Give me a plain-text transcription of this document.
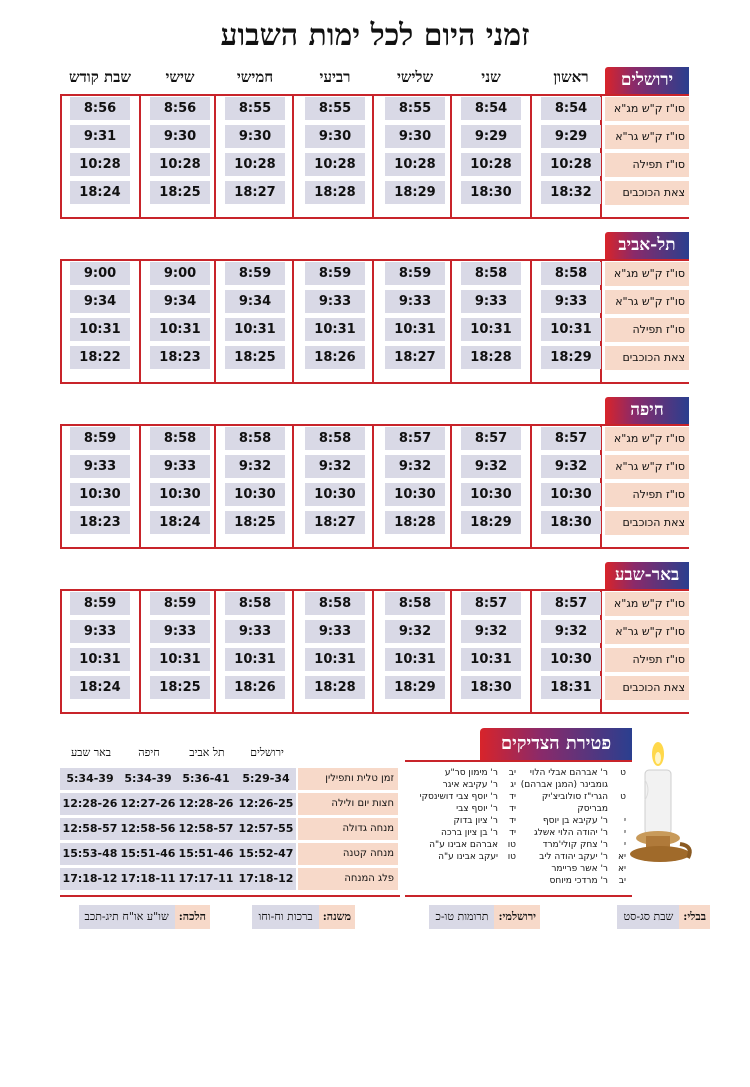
זמני היום לכל ימות השבוע
ראשון
שני
שלישי
רביעי
חמישי
שישי
שבת קודש	ירושלים
סו"ז ק"ש מג"א
8:54
8:54
8:55
8:55
8:55
8:56
8:56
סו"ז ק"ש גר"א
9:29
9:29
9:30
9:30
9:30
9:30
9:31
סו"ז תפילה
10:28
10:28
10:28
10:28
10:28
10:28
10:28
צאת הכוכבים
18:32
18:30
18:29
18:28
18:27
18:25
18:24
תל-אביב
סו"ז ק"ש מג"א
8:58
8:58
8:59
8:59
8:59
9:00
9:00
סו"ז ק"ש גר"א
9:33
9:33
9:33
9:33
9:34
9:34
9:34
סו"ז תפילה
10:31
10:31
10:31
10:31
10:31
10:31
10:31
צאת הכוכבים
18:29
18:28
18:27
18:26
18:25
18:23
18:22
חיפה
סו"ז ק"ש מג"א
8:57
8:57
8:57
8:58
8:58
8:58
8:59
סו"ז ק"ש גר"א
9:32
9:32
9:32
9:32
9:32
9:33
9:33
סו"ז תפילה
10:30
10:30
10:30
10:30
10:30
10:30
10:30
צאת הכוכבים
18:30
18:29
18:28
18:27
18:25
18:24
18:23
באר-שבע
סו"ז ק"ש מג"א
8:57
8:57
8:58
8:58
8:58
8:59
8:59
סו"ז ק"ש גר"א
9:32
9:32
9:32
9:33
9:33
9:33
9:33
סו"ז תפילה
10:30
10:31
10:31
10:31
10:31
10:31
10:31
צאת הכוכבים
18:31
18:30
18:29
18:28
18:26
18:25
18:24
פטירת הצדיקים
ט
ר' אברהם אבלי הלוי
גומבינר (המגן אברהם)
ט
הגרי"ז סולוביצ'יק
מבריסק
י
ר' עקיבא בן יוסף
י
ר' יהודה הלוי אשלג
י
ר' צחק קולי'מרד
יא
ר' יעקב יהודה ליב
יא
ר' אשר פריימר
יב
ר' מרדכי מיוחס
יב
ר' מימון סר"ע
יג
ר' עקיבא איגר
יד
ר' יוסף צבי דושינסקי
יד
ר' יוסף צבי
יד
ר' ציון בדוק
יד
ר' בן ציון ברכה
טו
אברהם אבינו ע"ה
טו
יעקב אבינו ע"ה
ירושלים
תל אביב
חיפה
באר שבע
זמן טלית ותפילין
5:29-34
5:36-41
5:34-39
5:34-39
חצות יום ולילה
12:26-25
12:28-26
12:27-26
12:28-26
מנחה גדולה
12:57-55
12:58-57
12:58-56
12:58-57
מנחה קטנה
15:52-47
15:51-46
15:51-46
15:53-48
פלג המנחה
17:18-12
17:17-11
17:18-11
17:18-12
בבלי:שבת סג-סט
ירושלמי:תרומות טו-כ
משנה:ברכות וח-וחו
הלכה:שו"ע או"ח תיג-תכב
